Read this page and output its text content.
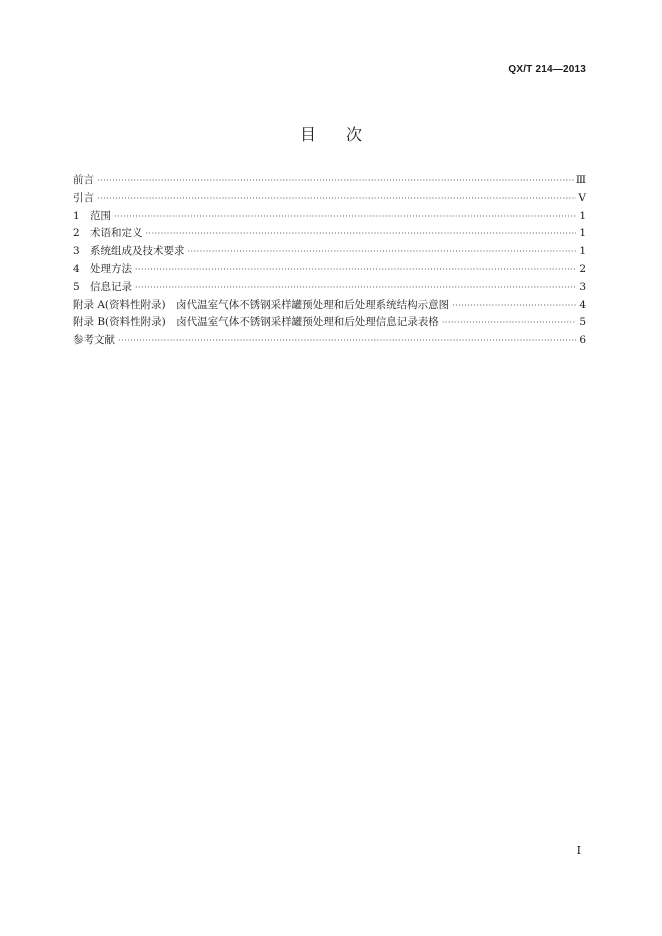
QX/T 214—2013
目次
前言 ·····	Ⅲ
引言 ·····	Ⅴ
1 范围 ·····	1
2 术语和定义 ·····	1
3 系统组成及技术要求 ·····	1
4 处理方法 ·····	2
5 信息记录 ·····	3
附录 A(资料性附录)　卤代温室气体不锈钢采样罐预处理和后处理系统结构示意图 ·····	4
附录 B(资料性附录)　卤代温室气体不锈钢采样罐预处理和后处理信息记录表格 ·····	5
参考文献 ·····	6
Ⅰ
